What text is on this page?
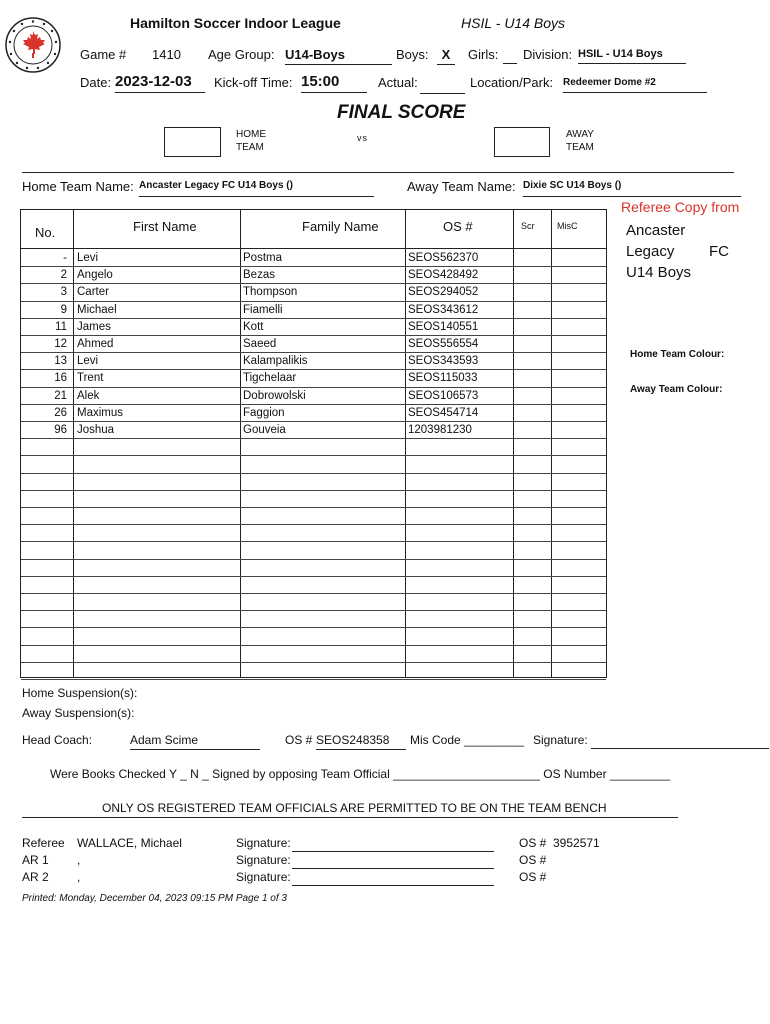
Hamilton Soccer Indoor League	HSIL - U14 Boys
Game # 1410 Age Group: U14-Boys	Boys:	X	Girls: Division: HSIL - U14 Boys
Date: 2023-12-03	Kick-off Time: 15:00	Actual:	Location/Park: Redeemer Dome #2
FINAL SCORE
HOME
TEAM
vs	AWAY
TEAM
Home Team Name: Ancaster Legacy FC U14 Boys ()	Away Team Name: Dixie SC U14 Boys ()
No.	First Name	Family Name	OS #	Scr	MisC
- Levi	Postma	SEOS562370
2 Angelo	Bezas	SEOS428492
3 Carter	Thompson	SEOS294052
9 Michael	Fiamelli	SEOS343612
11 James	Kott	SEOS140551
12 Ahmed	Saeed	SEOS556554
13 Levi	Kalampalikis	SEOS343593
16 Trent	Tigchelaar	SEOS115033
21 Alek	Dobrowolski	SEOS106573
26 Maximus	Faggion	SEOS454714
96 Joshua	Gouveia	1203981230
Referee Copy from
Ancaster
Legacy FC
U14 Boys
Home Team Colour:
Away Team Colour:
Home Suspension(s):
Away Suspension(s):
Head Coach:	Adam Scime	OS # SEOS248358	Mis Code _________ Signature:
Were Books Checked Y _ N _ Signed by opposing Team Official ______________________ OS Number _________
ONLY OS REGISTERED TEAM OFFICIALS ARE PERMITTED TO BE ON THE TEAM BENCH
Referee WALLACE, Michael	Signature:	OS # 3952571
AR 1 ,	Signature:	OS #
AR 2 ,	Signature:	OS #
Printed: Monday, December 04, 2023 09:15 PM Page 1 of 3
